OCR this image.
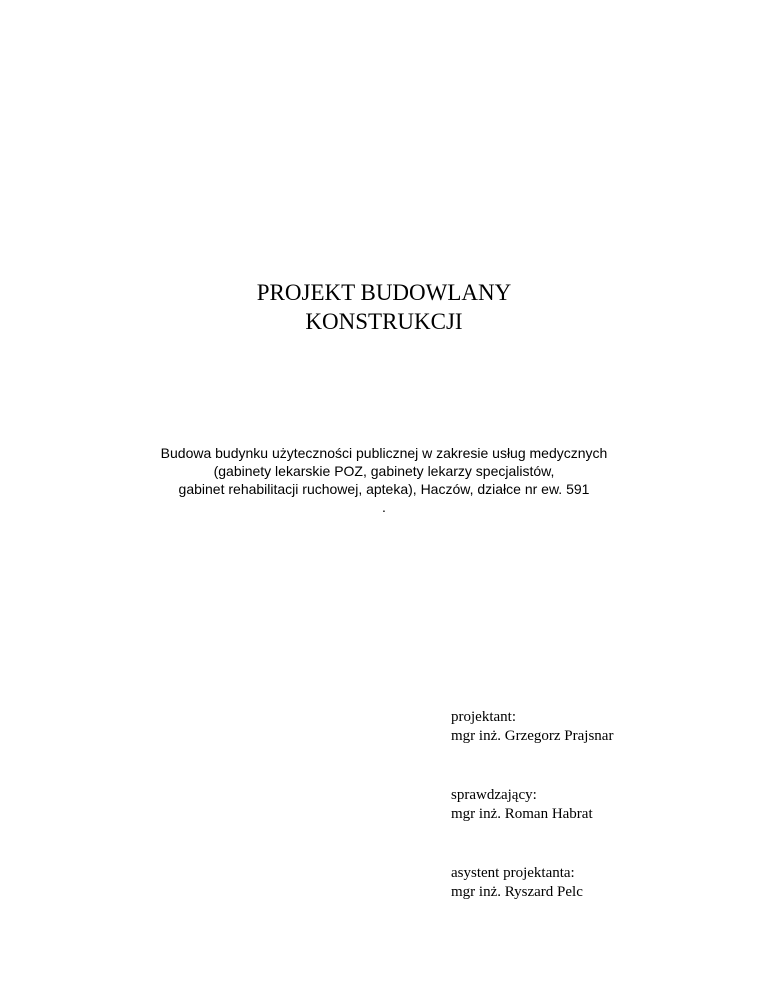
PROJEKT BUDOWLANY
KONSTRUKCJI
Budowa budynku użyteczności publicznej w zakresie usług medycznych
(gabinety lekarskie POZ, gabinety lekarzy specjalistów,
gabinet rehabilitacji ruchowej, apteka), Haczów, działce nr ew. 591
.
projektant:
mgr inż. Grzegorz Prajsnar
sprawdzający:
mgr inż. Roman Habrat
asystent projektanta:
mgr inż. Ryszard Pelc
